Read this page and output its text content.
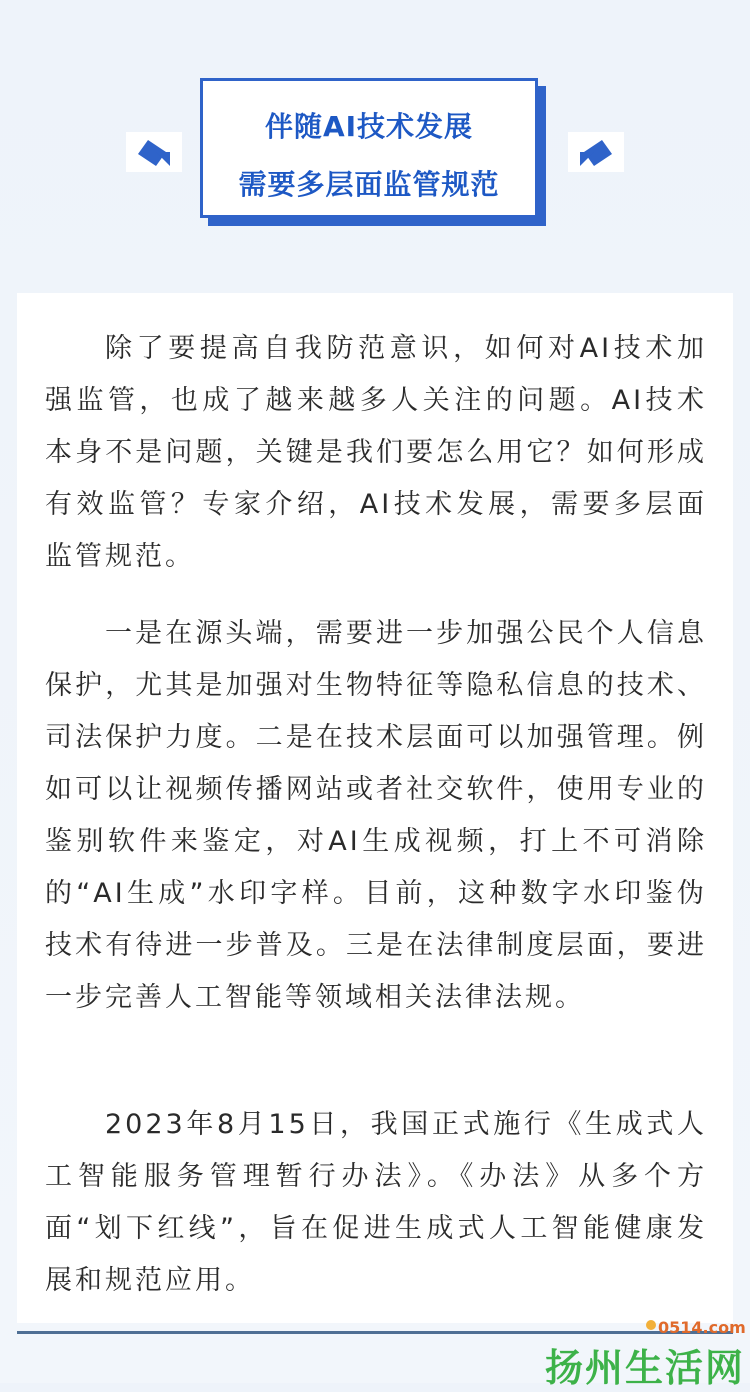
伴随AI技术发展
需要多层面监管规范

除了要提高自我防范意识，如何对AI技术加强监管，也成了越来越多人关注的问题。AI技术本身不是问题，关键是我们要怎么用它？如何形成有效监管？专家介绍，AI技术发展，需要多层面监管规范。

一是在源头端，需要进一步加强公民个人信息保护，尤其是加强对生物特征等隐私信息的技术、司法保护力度。二是在技术层面可以加强管理。例如可以让视频传播网站或者社交软件，使用专业的鉴别软件来鉴定，对AI生成视频，打上不可消除的“AI生成”水印字样。目前，这种数字水印鉴伪技术有待进一步普及。三是在法律制度层面，要进一步完善人工智能等领域相关法律法规。

2023年8月15日，我国正式施行《生成式人工智能服务管理暂行办法》。《办法》从多个方面“划下红线”，旨在促进生成式人工智能健康发展和规范应用。

0514.com
扬州生活网
